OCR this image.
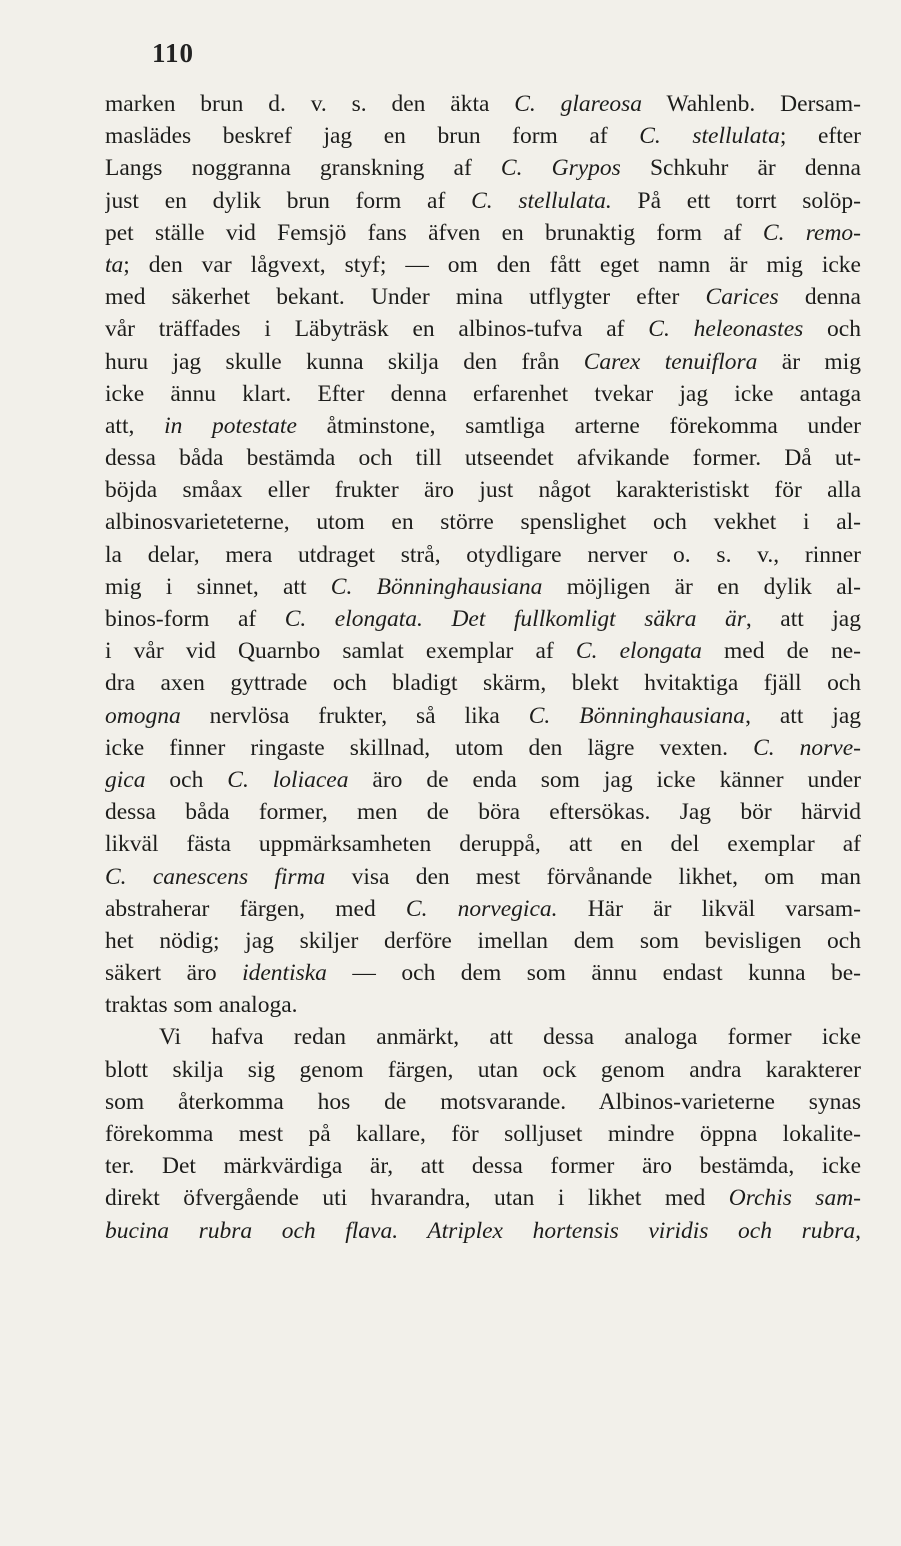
110
marken brun d. v. s. den äkta C. glareosa Wahlenb. Dersam-
maslädes beskref jag en brun form af C. stellulata; efter
Langs noggranna granskning af C. Grypos Schkuhr är denna
just en dylik brun form af C. stellulata. På ett torrt solöp-
pet ställe vid Femsjö fans äfven en brunaktig form af C. remo-
ta; den var lågvext, styf; — om den fått eget namn är mig icke
med säkerhet bekant. Under mina utflygter efter Carices denna
vår träffades i Läbyträsk en albinos-tufva af C. heleonastes och
huru jag skulle kunna skilja den från Carex tenuiflora är mig
icke ännu klart. Efter denna erfarenhet tvekar jag icke antaga
att, in potestate åtminstone, samtliga arterne förekomma under
dessa båda bestämda och till utseendet afvikande former. Då ut-
böjda småax eller frukter äro just något karakteristiskt för alla
albinosvarieteterne, utom en större spenslighet och vekhet i al-
la delar, mera utdraget strå, otydligare nerver o. s. v., rinner
mig i sinnet, att C. Bönninghausiana möjligen är en dylik al-
binos-form af C. elongata. Det fullkomligt säkra är, att jag
i vår vid Quarnbo samlat exemplar af C. elongata med de ne-
dra axen gyttrade och bladigt skärm, blekt hvitaktiga fjäll och
omogna nervlösa frukter, så lika C. Bönninghausiana, att jag
icke finner ringaste skillnad, utom den lägre vexten. C. norve-
gica och C. loliacea äro de enda som jag icke känner under
dessa båda former, men de böra eftersökas. Jag bör härvid
likväl fästa uppmärksamheten deruppå, att en del exemplar af
C. canescens firma visa den mest förvånande likhet, om man
abstraherar färgen, med C. norvegica. Här är likväl varsam-
het nödig; jag skiljer derföre imellan dem som bevisligen och
säkert äro identiska — och dem som ännu endast kunna be-
traktas som analoga.
Vi hafva redan anmärkt, att dessa analoga former icke
blott skilja sig genom färgen, utan ock genom andra karakterer
som återkomma hos de motsvarande. Albinos-varieterne synas
förekomma mest på kallare, för solljuset mindre öppna lokalite-
ter. Det märkvärdiga är, att dessa former äro bestämda, icke
direkt öfvergående uti hvarandra, utan i likhet med Orchis sam-
bucina rubra och flava. Atriplex hortensis viridis och rubra,
